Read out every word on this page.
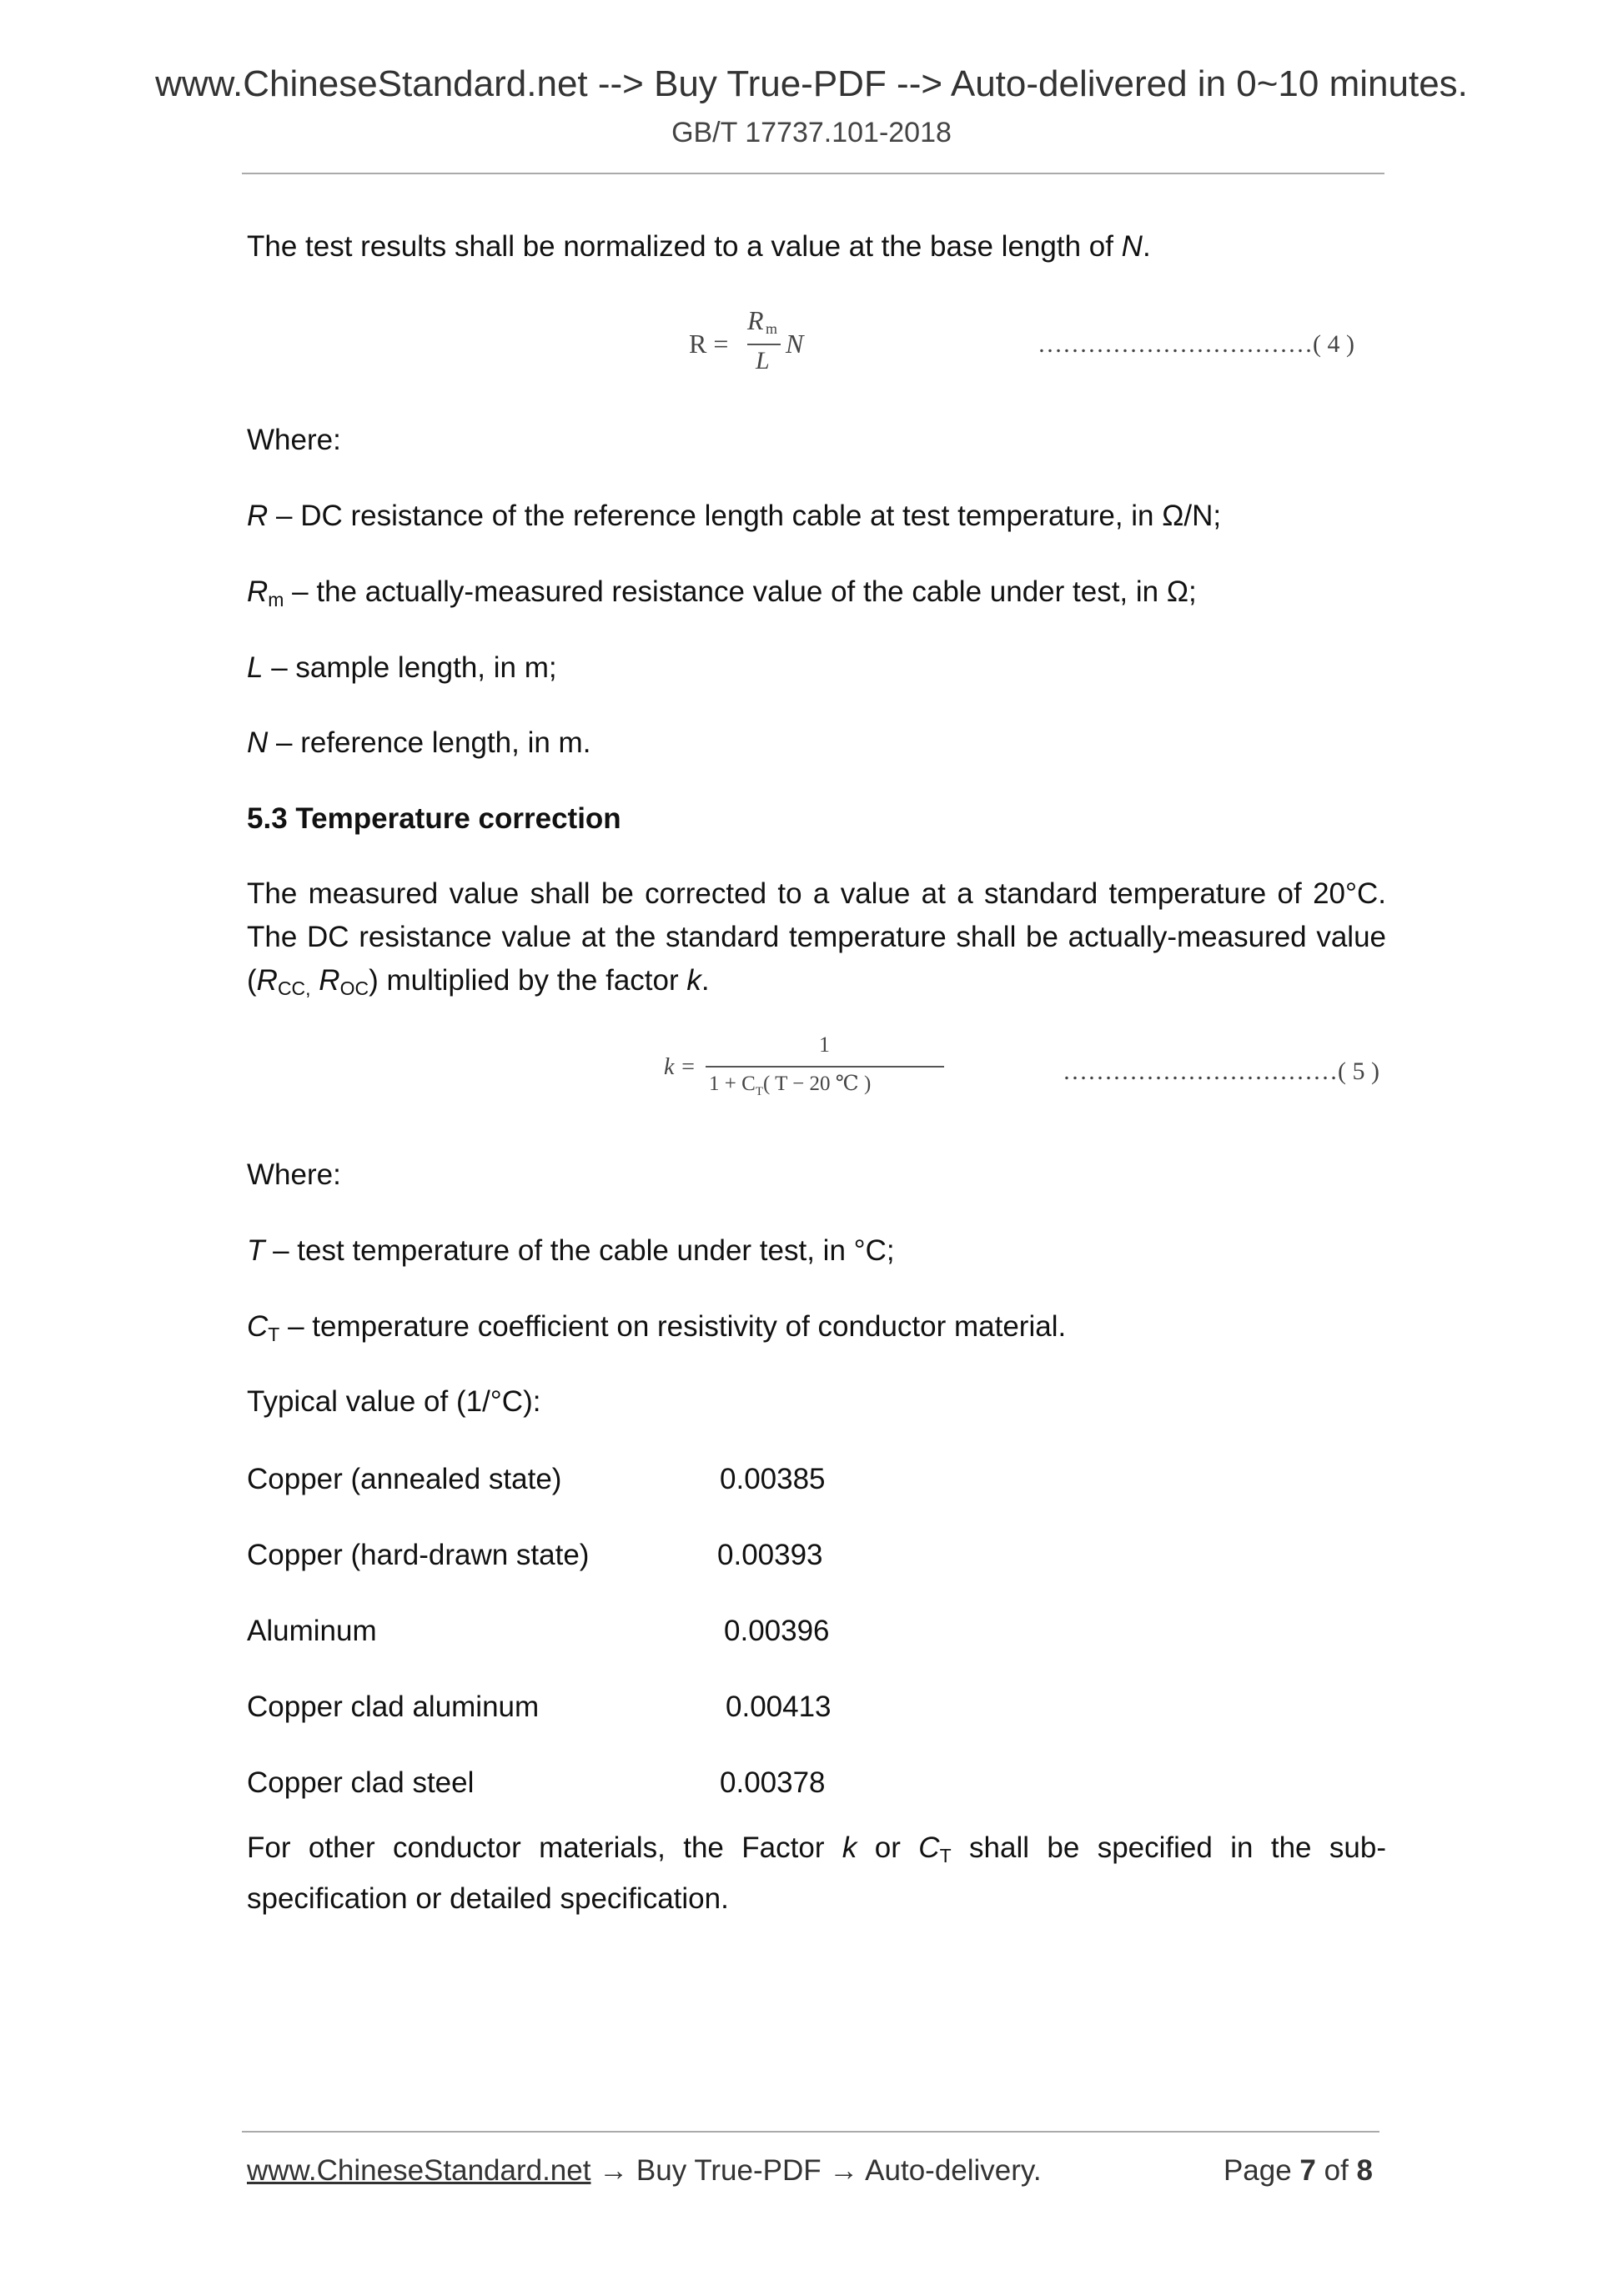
www.ChineseStandard.net --> Buy True-PDF --> Auto-delivered in 0~10 minutes.
GB/T 17737.101-2018
The test results shall be normalized to a value at the base length of N.
R =
R m
L
N	……………………………( 4 )
Where:
R – DC resistance of the reference length cable at test temperature, in Ω/N;
$R_m$ – the actually-measured resistance value of the cable under test, in Ω;
L – sample length, in m;
N – reference length, in m.
5.3 Temperature correction
The measured value shall be corrected to a value at a standard temperature of 20°C. The DC resistance value at the standard temperature shall be actually-measured value ($R_{CC,}$ $R_{OC}$) multiplied by the factor k.
k =
1
$1 + C_T$( T − 20 ℃ )	……………………………( 5 )
Where:
T – test temperature of the cable under test, in °C;
$C_T$ – temperature coefficient on resistivity of conductor material.
Typical value of (1/°C):
Copper (annealed state)	0.00385
Copper (hard-drawn state)	0.00393
Aluminum	0.00396
Copper clad aluminum	0.00413
Copper clad steel	0.00378
For other conductor materials, the Factor k or $C_T$ shall be specified in the sub-specification or detailed specification.
www.ChineseStandard.net → Buy True-PDF → Auto-delivery.	Page 7 of 8
